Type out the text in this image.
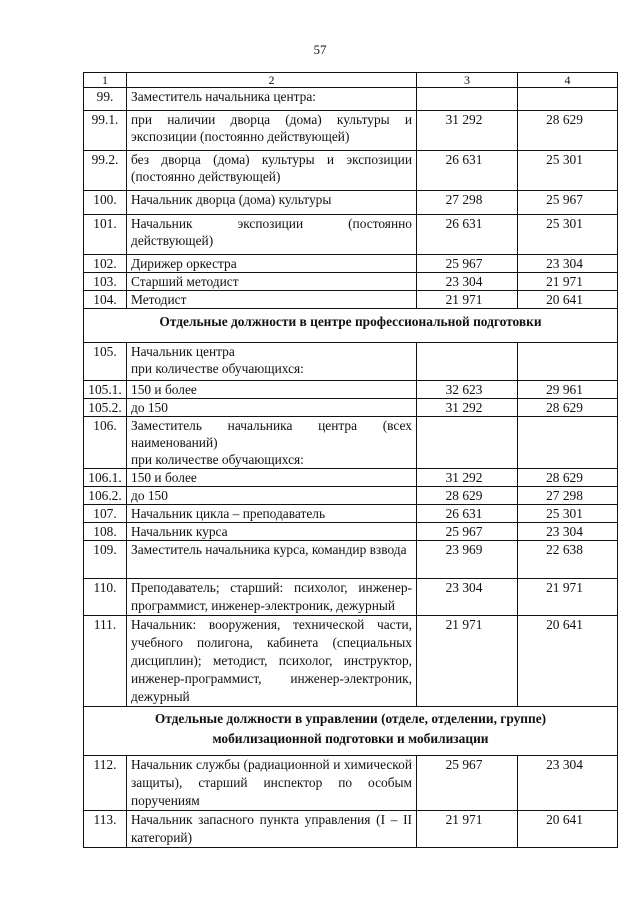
57
1	2	3	4
99.	Заместитель начальника центра:		
99.1.	при наличии дворца (дома) культуры и экспозиции (постоянно действующей)	31 292	28 629
99.2.	без дворца (дома) культуры и экспозиции (постоянно действующей)	26 631	25 301
100.	Начальник дворца (дома) культуры	27 298	25 967
101.	Начальник экспозиции (постоянно действующей)	26 631	25 301
102.	Дирижер оркестра	25 967	23 304
103.	Старший методист	23 304	21 971
104.	Методист	21 971	20 641
Отдельные должности в центре профессиональной подготовки			
105.	Начальник центра
при количестве обучающихся:		

105.1.	150 и более	32 623	29 961
105.2.	до 150	31 292	28 629
106.	Заместитель начальника центра (всех наименований)
при количестве обучающихся:		

106.1.	150 и более	31 292	28 629
106.2.	до 150	28 629	27 298
107.	Начальник цикла – преподаватель	26 631	25 301
108.	Начальник курса	25 967	23 304
109.	Заместитель начальника курса, командир взвода	23 969	22 638
110.	Преподаватель; старший: психолог, инженер-программист, инженер-электроник, дежурный	23 304	21 971
111.	Начальник: вооружения, технической части, учебного полигона, кабинета (специальных дисциплин); методист, психолог, инструктор, инженер-программист, инженер-электроник, дежурный	21 971	20 641

Отдельные должности в управлении (отделе, отделении, группе)
мобилизационной подготовки и мобилизации			

112.	Начальник службы (радиационной и химической защиты), старший инспектор по особым поручениям	25 967	23 304
113.	Начальник запасного пункта управления (I – II категорий)	21 971	20 641
